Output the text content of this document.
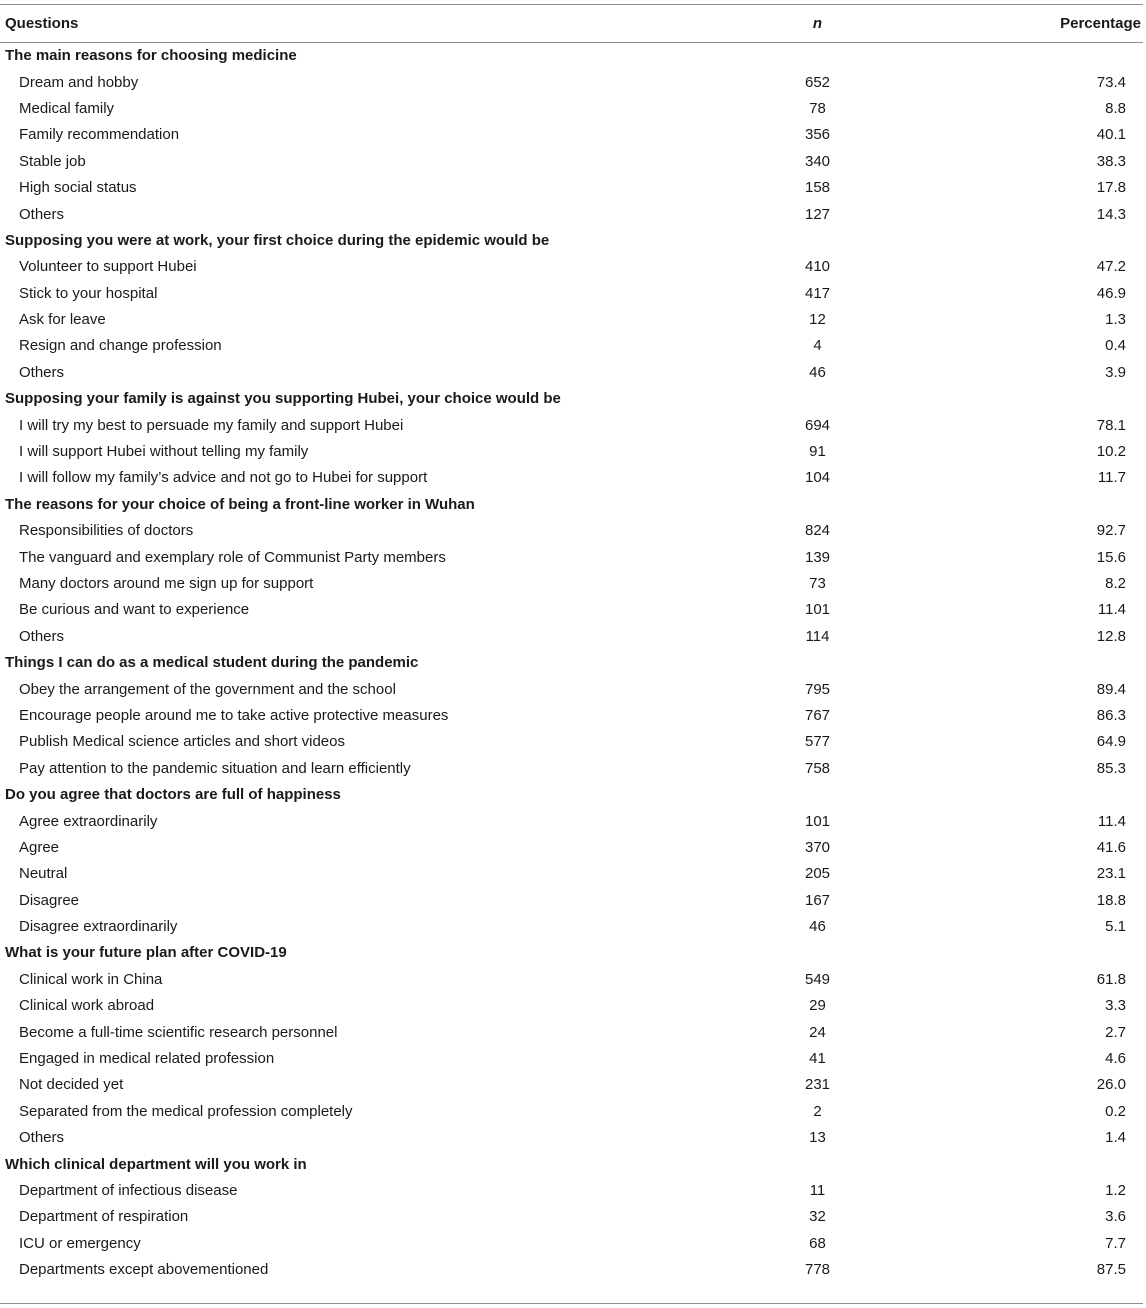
Questions	n	Percentage
The main reasons for choosing medicine		
Dream and hobby	652	73.4
Medical family	78	8.8
Family recommendation	356	40.1
Stable job	340	38.3
High social status	158	17.8
Others	127	14.3
Supposing you were at work, your first choice during the epidemic would be		
Volunteer to support Hubei	410	47.2
Stick to your hospital	417	46.9
Ask for leave	12	1.3
Resign and change profession	4	0.4
Others	46	3.9
Supposing your family is against you supporting Hubei, your choice would be		
I will try my best to persuade my family and support Hubei	694	78.1
I will support Hubei without telling my family	91	10.2
I will follow my family’s advice and not go to Hubei for support	104	11.7
The reasons for your choice of being a front-line worker in Wuhan		
Responsibilities of doctors	824	92.7
The vanguard and exemplary role of Communist Party members	139	15.6
Many doctors around me sign up for support	73	8.2
Be curious and want to experience	101	11.4
Others	114	12.8
Things I can do as a medical student during the pandemic		
Obey the arrangement of the government and the school	795	89.4
Encourage people around me to take active protective measures	767	86.3
Publish Medical science articles and short videos	577	64.9
Pay attention to the pandemic situation and learn efficiently	758	85.3
Do you agree that doctors are full of happiness		
Agree extraordinarily	101	11.4
Agree	370	41.6
Neutral	205	23.1
Disagree	167	18.8
Disagree extraordinarily	46	5.1
What is your future plan after COVID-19		
Clinical work in China	549	61.8
Clinical work abroad	29	3.3
Become a full-time scientific research personnel	24	2.7
Engaged in medical related profession	41	4.6
Not decided yet	231	26.0
Separated from the medical profession completely	2	0.2
Others	13	1.4
Which clinical department will you work in		
Department of infectious disease	11	1.2
Department of respiration	32	3.6
ICU or emergency	68	7.7
Departments except abovementioned	778	87.5
